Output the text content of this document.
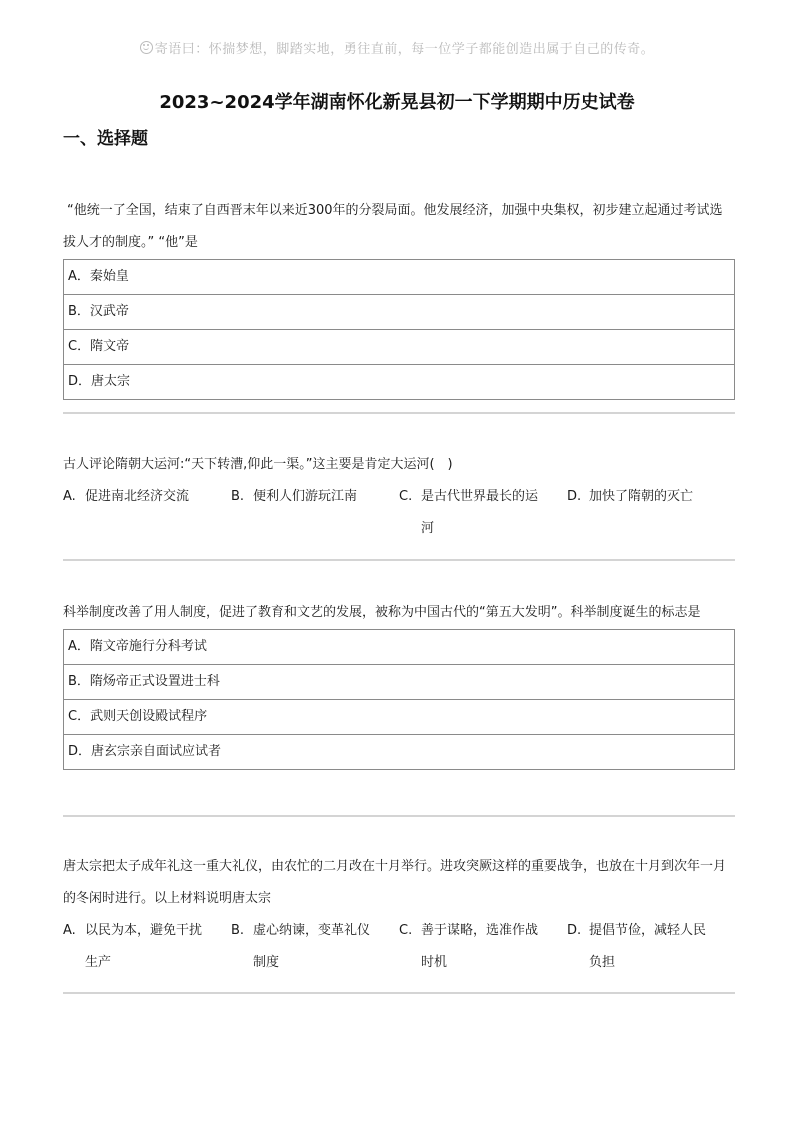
寄语曰：怀揣梦想，脚踏实地，勇往直前，每一位学子都能创造出属于自己的传奇。
2023~2024学年湖南怀化新晃县初一下学期期中历史试卷
一、选择题

“他统一了全国，结束了自西晋末年以来近300年的分裂局面。他发展经济，加强中央集权，初步建立起通过考试选拔人才的制度。” “他”是

A．秦始皇
B．汉武帝
C．隋文帝
D．唐太宗

古人评论隋朝大运河:“天下转漕,仰此一渠。”这主要是肯定大运河(　)

A. 促进南北经济交流	B. 便利人们游玩江南	C. 是古代世界最长的运河
D. 加快了隋朝的灭亡

科举制度改善了用人制度，促进了教育和文艺的发展，被称为中国古代的“第五大发明”。科举制度诞生的标志是

A．隋文帝施行分科考试
B．隋炀帝正式设置进士科
C．武则天创设殿试程序
D．唐玄宗亲自面试应试者

唐太宗把太子成年礼这一重大礼仪，由农忙的二月改在十月举行。进攻突厥这样的重要战争，也放在十月到次年一月的冬闲时进行。以上材料说明唐太宗

A. 以民为本，避免干扰生产
B. 虚心纳谏，变革礼仪制度
C. 善于谋略，选准作战时机
D. 提倡节俭，减轻人民负担
